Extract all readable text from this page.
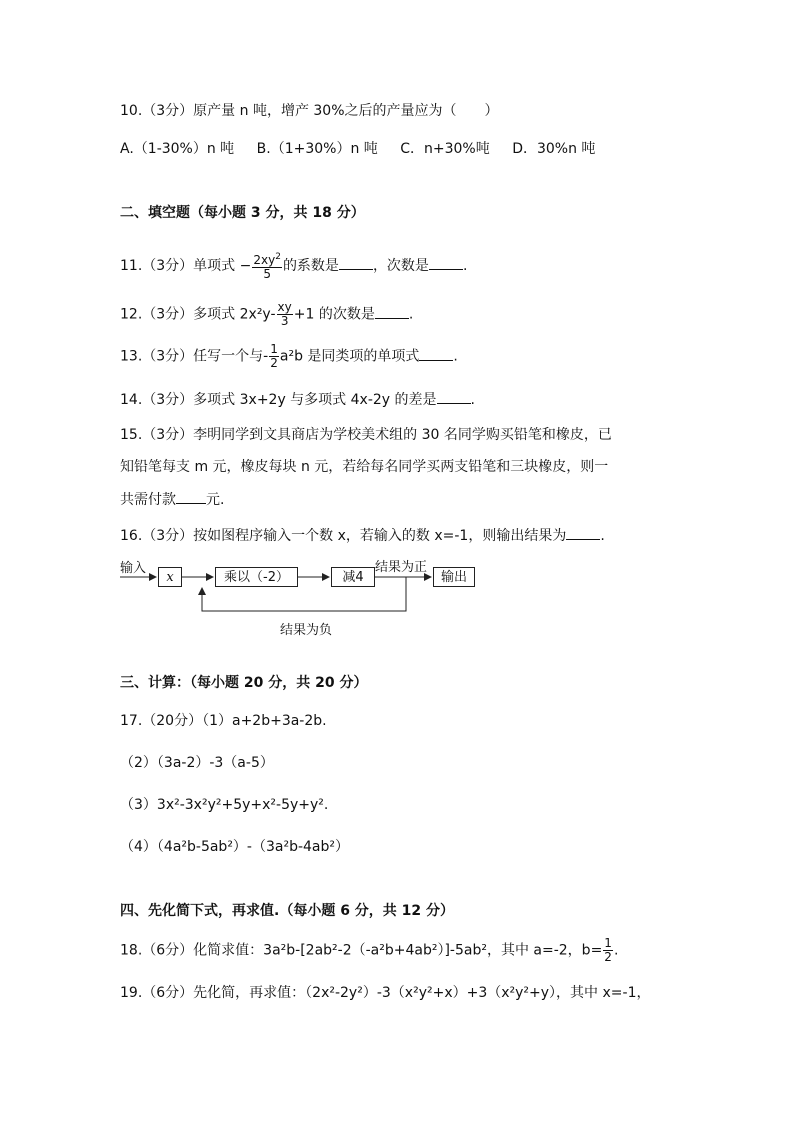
10.（3分）原产量 n 吨，增产 30%之后的产量应为（　　）
A.（1-30%）n 吨 B.（1+30%）n 吨 C．n+30%吨 D．30%n 吨
二、填空题（每小题 3 分，共 18 分）
11.（3分）单项式 − $\frac{2xy^2}{5}$ 的系数是 ，次数是 .
12.（3分）多项式 $2x^2y- \frac{xy}{3} +1$ 的次数是 .
13.（3分）任写一个与- $\frac{1}{2} a^2b$ 是同类项的单项式 .
14.（3分）多项式 3x+2y 与多项式 4x-2y 的差是 .
15.（3分）李明同学到文具商店为学校美术组的 30 名同学购买铅笔和橡皮，已
知铅笔每支 m 元，橡皮每块 n 元，若给每名同学买两支铅笔和三块橡皮，则一
共需付款 元.
16.（3分）按如图程序输入一个数 x，若输入的数 x=-1，则输出结果为 .
输入
x	乘以（-2）	减4
结果为正
输出
结果为负
三、计算：（每小题 20 分，共 20 分）
17.（20分）（1）a+2b+3a-2b.
（2）（3a-2）-3（a-5）
（3）3x²-3x²y²+5y+x²-5y+y².
（4）（4a²b-5ab²）-（3a²b-4ab²）
四、先化简下式，再求值.（每小题 6 分，共 12 分）
18.（6分）化简求值：3a²b-[2ab²-2（-a²b+4ab²）]-5ab²，其中 a=-2，$b= \frac{1}{2}$ .
19.（6分）先化简，再求值：（2x²-2y²）-3（x²y²+x）+3（x²y²+y），其中 x=-1，
